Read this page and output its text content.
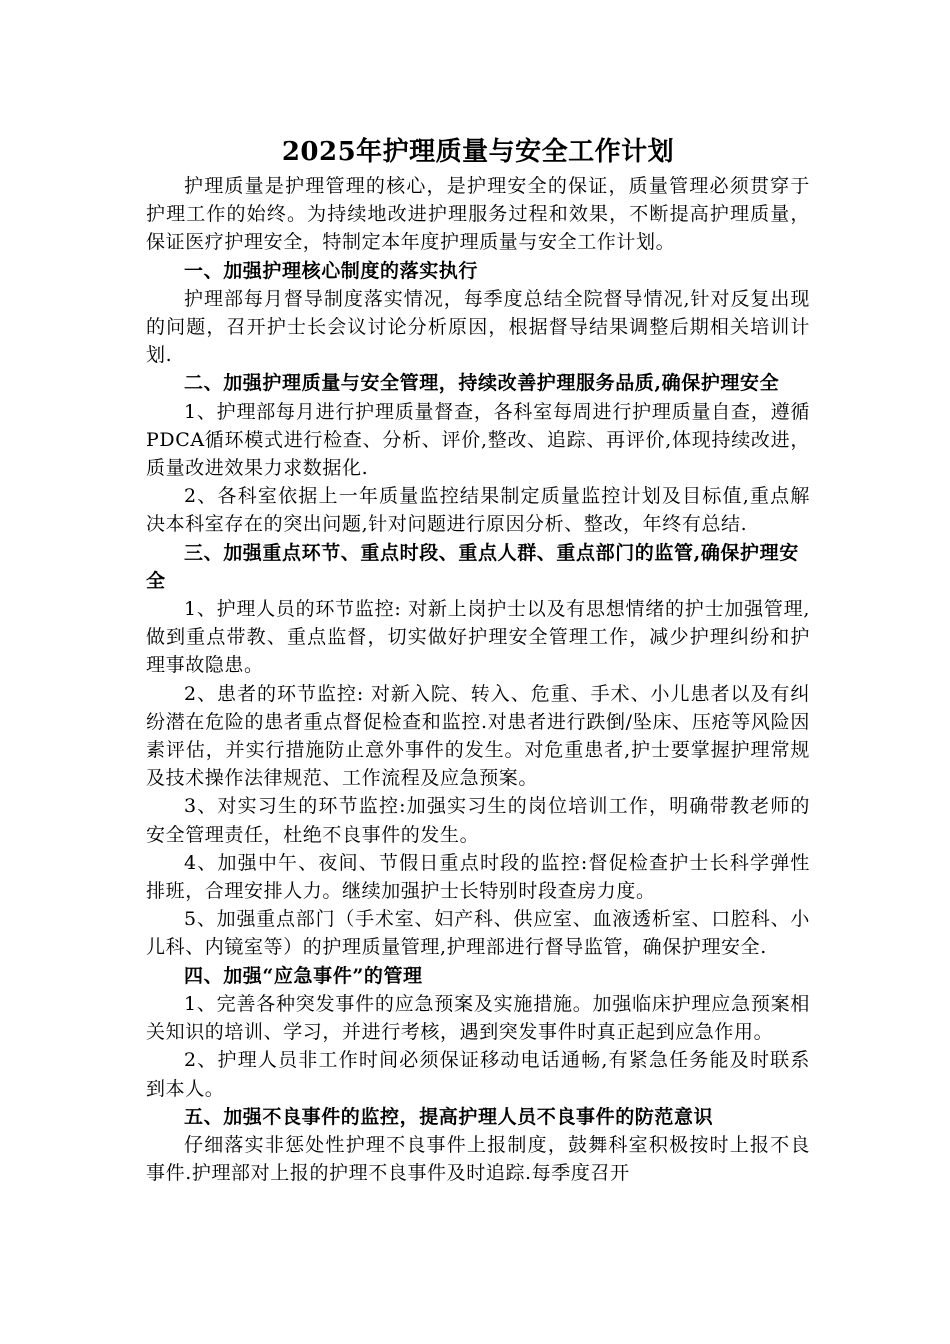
2025年护理质量与安全工作计划

护理质量是护理管理的核心，是护理安全的保证，质量管理必须贯穿于护理工作的始终。为持续地改进护理服务过程和效果，不断提高护理质量，保证医疗护理安全，特制定本年度护理质量与安全工作计划。

一、加强护理核心制度的落实执行

护理部每月督导制度落实情况，每季度总结全院督导情况,针对反复出现的问题，召开护士长会议讨论分析原因，根据督导结果调整后期相关培训计划.

二、加强护理质量与安全管理，持续改善护理服务品质,确保护理安全

1、护理部每月进行护理质量督查，各科室每周进行护理质量自查，遵循PDCA循环模式进行检查、分析、评价,整改、追踪、再评价,体现持续改进，质量改进效果力求数据化.

2、各科室依据上一年质量监控结果制定质量监控计划及目标值,重点解决本科室存在的突出问题,针对问题进行原因分析、整改，年终有总结.

三、加强重点环节、重点时段、重点人群、重点部门的监管,确保护理安全

1、护理人员的环节监控: 对新上岗护士以及有思想情绪的护士加强管理,做到重点带教、重点监督，切实做好护理安全管理工作，减少护理纠纷和护理事故隐患。

2、患者的环节监控: 对新入院、转入、危重、手术、小儿患者以及有纠纷潜在危险的患者重点督促检查和监控.对患者进行跌倒/坠床、压疮等风险因素评估，并实行措施防止意外事件的发生。对危重患者,护士要掌握护理常规及技术操作法律规范、工作流程及应急预案。

3、对实习生的环节监控:加强实习生的岗位培训工作，明确带教老师的安全管理责任，杜绝不良事件的发生。

4、加强中午、夜间、节假日重点时段的监控:督促检查护士长科学弹性排班，合理安排人力。继续加强护士长特别时段查房力度。

5、加强重点部门（手术室、妇产科、供应室、血液透析室、口腔科、小儿科、内镜室等）的护理质量管理,护理部进行督导监管，确保护理安全.

四、加强“应急事件”的管理

1、完善各种突发事件的应急预案及实施措施。加强临床护理应急预案相关知识的培训、学习，并进行考核，遇到突发事件时真正起到应急作用。

2、护理人员非工作时间必须保证移动电话通畅,有紧急任务能及时联系到本人。

五、加强不良事件的监控，提高护理人员不良事件的防范意识

仔细落实非惩处性护理不良事件上报制度，鼓舞科室积极按时上报不良事件.护理部对上报的护理不良事件及时追踪.每季度召开
